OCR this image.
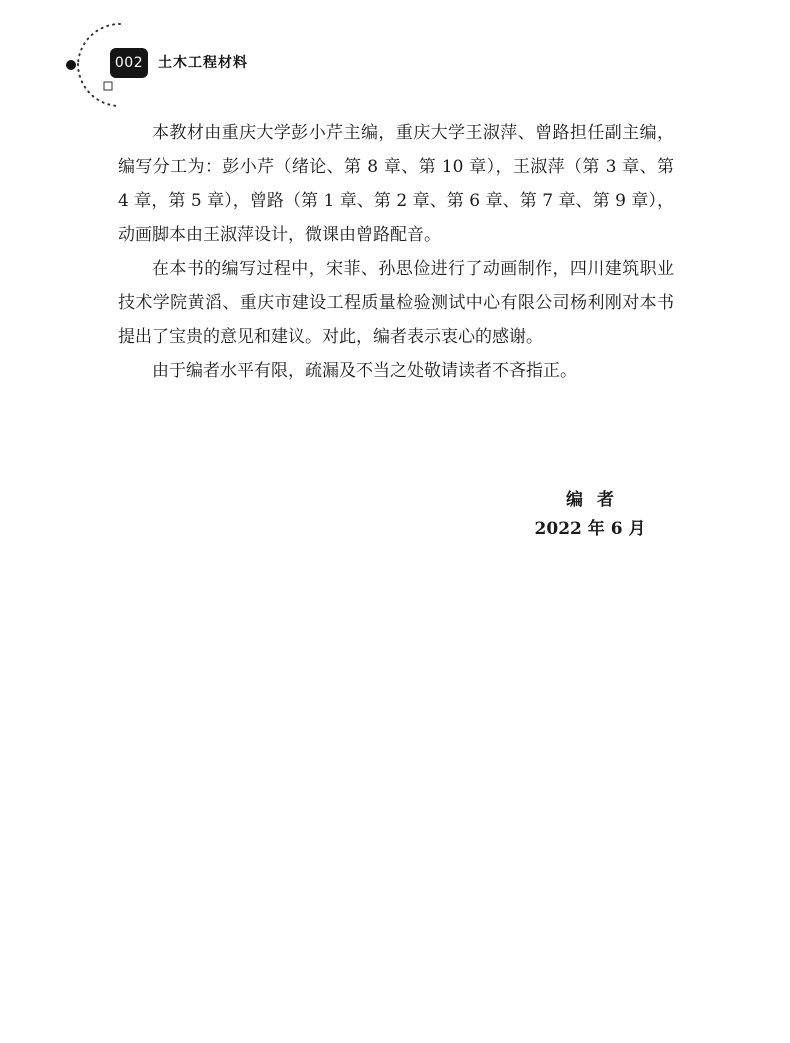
002	土木工程材料

本教材由重庆大学彭小芹主编，重庆大学王淑萍、曾路担任副主编，编写分工为：彭小芹（绪论、第 8 章、第 10 章），王淑萍（第 3 章、第 4 章，第 5 章），曾路（第 1 章、第 2 章、第 6 章、第 7 章、第 9 章），动画脚本由王淑萍设计，微课由曾路配音。

在本书的编写过程中，宋菲、孙思俭进行了动画制作，四川建筑职业技术学院黄滔、重庆市建设工程质量检验测试中心有限公司杨利刚对本书提出了宝贵的意见和建议。对此，编者表示衷心的感谢。

由于编者水平有限，疏漏及不当之处敬请读者不吝指正。

编者
2022 年 6 月
